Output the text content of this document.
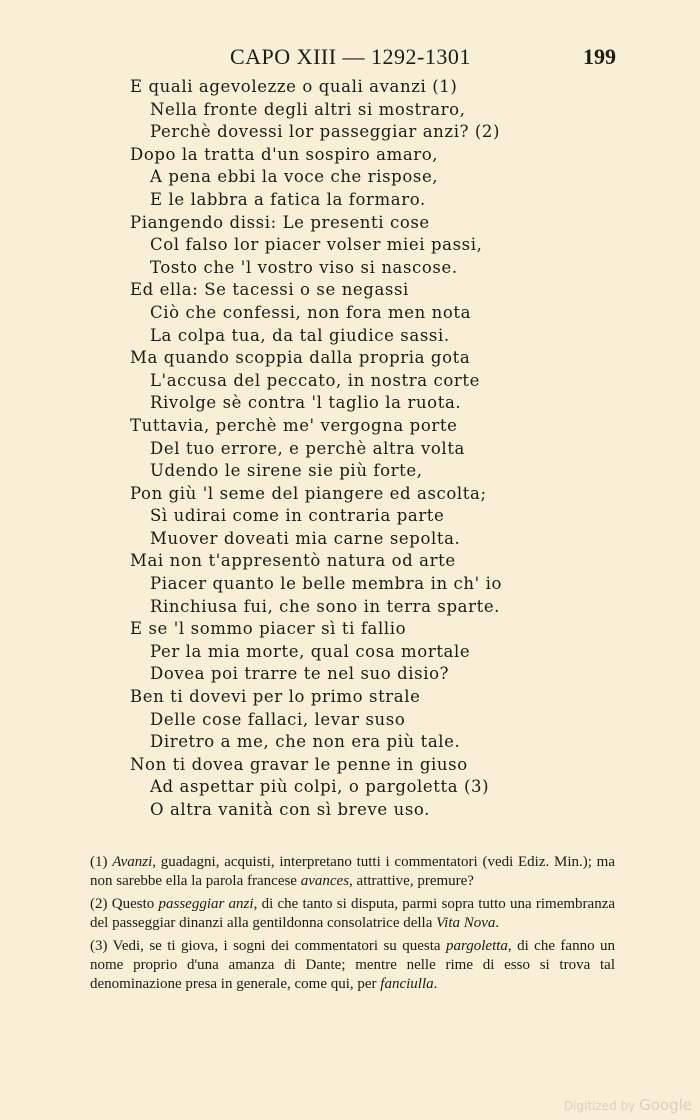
CAPO XIII — 1292-1301	199
E quali agevolezze o quali avanzi (1)
Nella fronte degli altri si mostraro,
Perchè dovessi lor passeggiar anzi? (2)
Dopo la tratta d'un sospiro amaro,
A pena ebbi la voce che rispose,
E le labbra a fatica la formaro.
Piangendo dissi: Le presenti cose
Col falso lor piacer volser miei passi,
Tosto che 'l vostro viso si nascose.
Ed ella: Se tacessi o se negassi
Ciò che confessi, non fora men nota
La colpa tua, da tal giudice sassi.
Ma quando scoppia dalla propria gota
L'accusa del peccato, in nostra corte
Rivolge sè contra 'l taglio la ruota.
Tuttavia, perchè me' vergogna porte
Del tuo errore, e perchè altra volta
Udendo le sirene sie più forte,
Pon giù 'l seme del piangere ed ascolta;
Sì udirai come in contraria parte
Muover doveati mia carne sepolta.
Mai non t'appresentò natura od arte
Piacer quanto le belle membra in ch' io
Rinchiusa fui, che sono in terra sparte.
E se 'l sommo piacer sì ti fallio
Per la mia morte, qual cosa mortale
Dovea poi trarre te nel suo disio?
Ben ti dovevi per lo primo strale
Delle cose fallaci, levar suso
Diretro a me, che non era più tale.
Non ti dovea gravar le penne in giuso
Ad aspettar più colpi, o pargoletta (3)
O altra vanità con sì breve uso.

(1) Avanzi, guadagni, acquisti, interpretano tutti i commentatori (vedi Ediz. Min.); ma non sarebbe ella la parola francese avances, attrattive, premure?

(2) Questo passeggiar anzi, di che tanto si disputa, parmi sopra tutto una rimembranza del passeggiar dinanzi alla gentildonna consolatrice della Vita Nova.

(3) Vedi, se ti giova, i sogni dei commentatori su questa pargoletta, di che fanno un nome proprio d'una amanza di Dante; mentre nelle rime di esso si trova tal denominazione presa in generale, come qui, per fanciulla.

Digitized by Google
